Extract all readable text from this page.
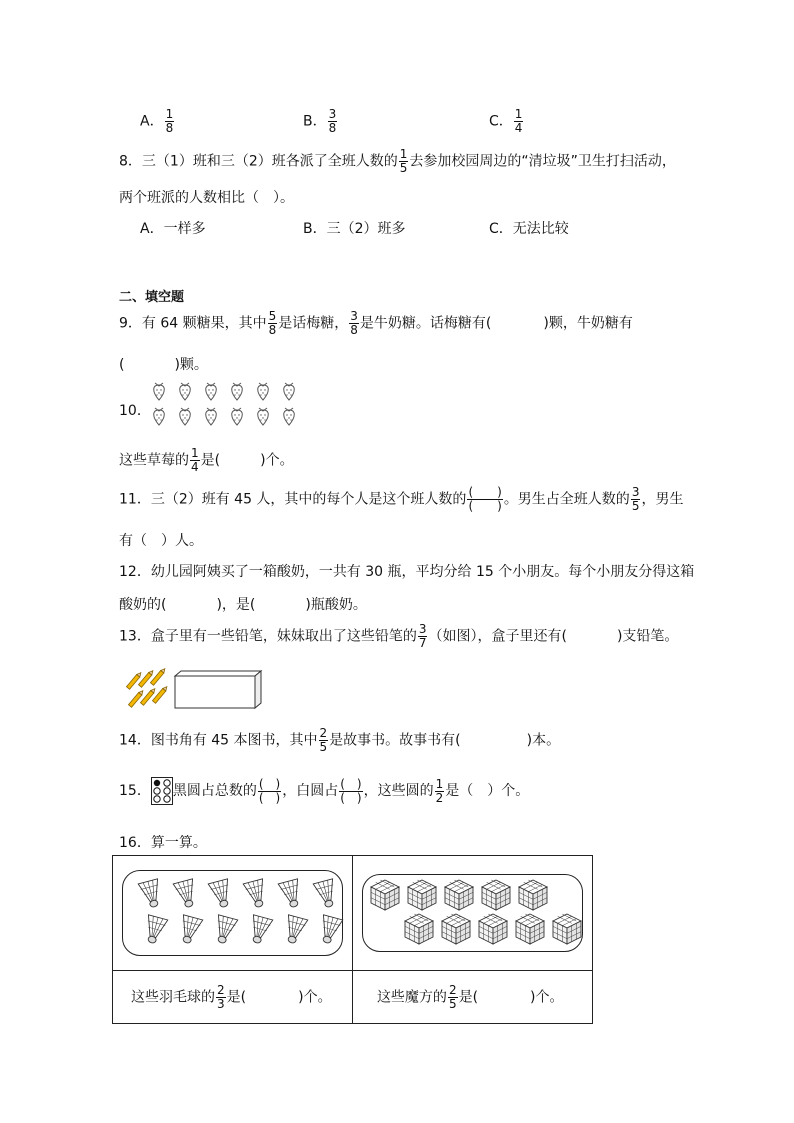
A． $\frac{1}{8}$	B． $\frac{3}{8}$	C． $\frac{1}{4}$
8．三（1）班和三（2）班各派了全班人数的 $\frac{1}{5}$ 去参加校园周边的“清垃圾”卫生打扫活动，
两个班派的人数相比（　）。
A．一样多	B．三（2）班多	C．无法比较
二、填空题
9．有 64 颗糖果，其中 $\frac{5}{8}$ 是话梅糖， $\frac{3}{8}$ 是牛奶糖。话梅糖有(	)颗，牛奶糖有
(	)颗。
10．
这些草莓的 $\frac{1}{4}$ 是(	)个。
11．三（2）班有 45 人，其中的每个人是这个班人数的 $\frac{( )}{( )}$ 。男生占全班人数的 $\frac{3}{5}$ ，男生
有（　）人。
12．幼儿园阿姨买了一箱酸奶，一共有 30 瓶，平均分给 15 个小朋友。每个小朋友分得这箱
酸奶的(	)，是(	)瓶酸奶。
13．盒子里有一些铅笔，妹妹取出了这些铅笔的 $\frac{3}{7}$ （如图），盒子里还有(	)支铅笔。
14．图书角有 45 本图书，其中 $\frac{2}{5}$ 是故事书。故事书有(	)本。
15． 黑圆占总数的 $\frac{( )}{( )}$ ，白圆占 $\frac{( )}{( )}$ ，这些圆的 $\frac{1}{2}$ 是（　）个。
16．算一算。

这些羽毛球的 $\frac{2}{3}$ 是( )个。	这些魔方的 $\frac{2}{5}$ 是( )个。
